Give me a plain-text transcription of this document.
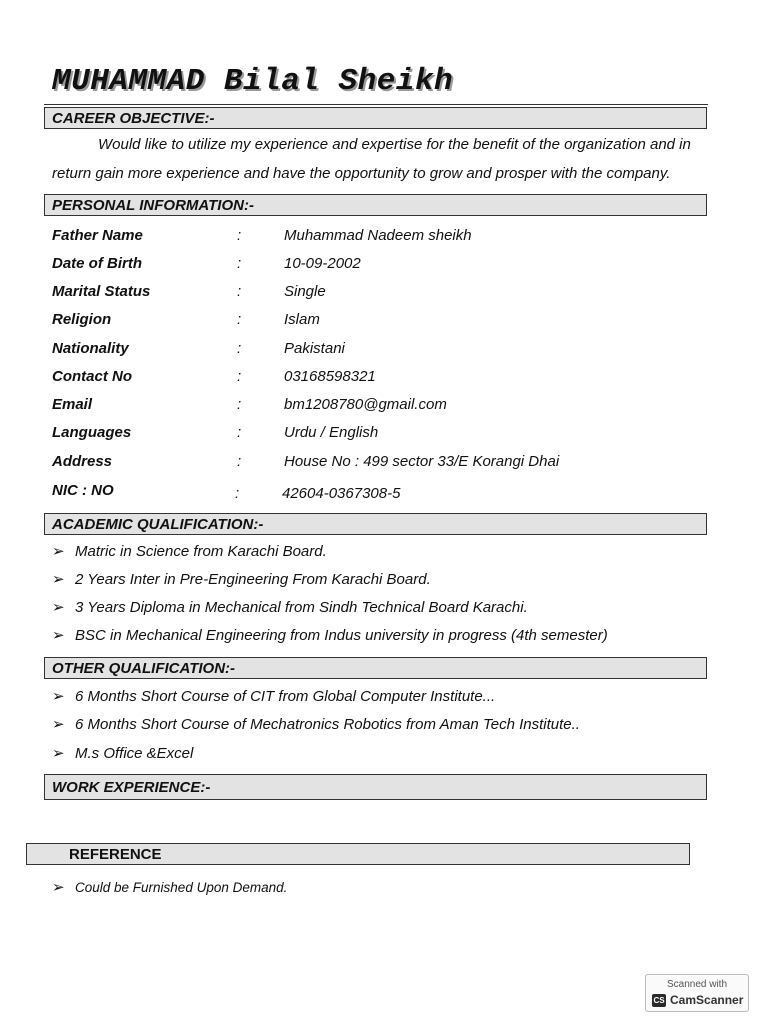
MUHAMMAD Bilal Sheikh
CAREER OBJECTIVE:-

Would like to utilize my experience and expertise for the benefit of the organization and in return gain more experience and have the opportunity to grow and prosper with the company.

PERSONAL INFORMATION:-
Father Name	:	Muhammad Nadeem sheikh
Date of Birth	:	10-09-2002
Marital Status	:	Single
Religion	:	Islam
Nationality	:	Pakistani
Contact No	:	03168598321
Email	:	bm1208780@gmail.com
Languages	:	Urdu / English
Address	:	House No : 499 sector 33/E Korangi Dhai
NIC : NO	:	42604-0367308-5
ACADEMIC QUALIFICATION:-
➢ Matric in Science from Karachi Board.
➢ 2 Years Inter in Pre-Engineering From Karachi Board.
➢ 3 Years Diploma in Mechanical from Sindh Technical Board Karachi.
➢ BSC in Mechanical Engineering from Indus university in progress (4th semester)
OTHER QUALIFICATION:-
➢ 6 Months Short Course of CIT from Global Computer Institute...
➢ 6 Months Short Course of Mechatronics Robotics from Aman Tech Institute..
➢ M.s Office &Excel
WORK EXPERIENCE:-
REFERENCE
➢ Could be Furnished Upon Demand.
Scanned with
CS CamScanner
